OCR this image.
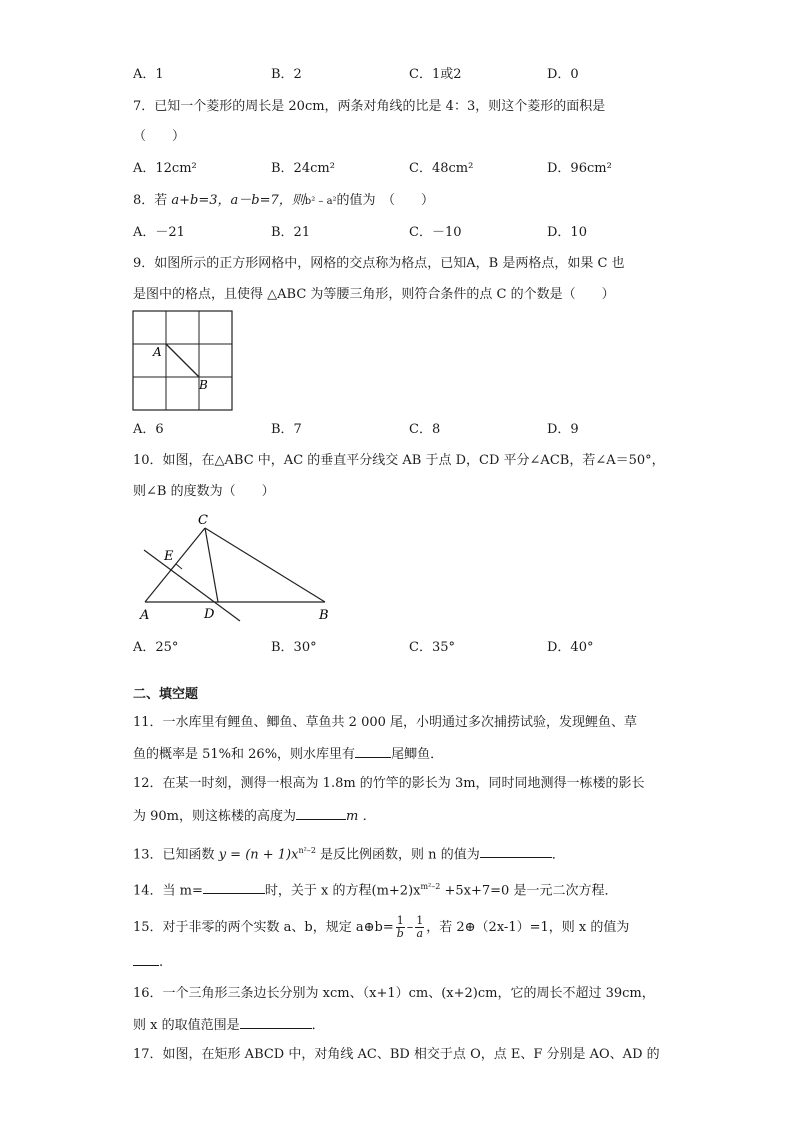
A．1	B．2	C．1或2	D．0
7．已知一个菱形的周长是 20cm，两条对角线的比是 4：3，则这个菱形的面积是
（　　）
A．12cm²	B．24cm²	C．48cm²	D．96cm²
8．若 a+b=3，a－b=7，则b² – a²的值为　（　　）
A．－21	B．21	C．－10	D．10
9．如图所示的正方形网格中，网格的交点称为格点，已知A，B 是两格点，如果 C 也
是图中的格点，且使得 △ABC 为等腰三角形，则符合条件的点 C 的个数是（　　）
A
B
A．6	B．7	C．8	D．9
10．如图，在△ABC 中，AC 的垂直平分线交 AB 于点 D，CD 平分∠ACB，若∠A＝50°，
则∠B 的度数为（　　）
C
E
A	D	B
A．25°	B．30°	C．35°	D．40°
二、填空题
11．一水库里有鲤鱼、鲫鱼、草鱼共 2 000 尾，小明通过多次捕捞试验，发现鲤鱼、草
鱼的概率是 51%和 26%，则水库里有	尾鲫鱼．
12．在某一时刻，测得一根高为 1.8m 的竹竿的影长为 3m，同时同地测得一栋楼的影长
为 90m，则这栋楼的高度为	m ．
13．已知函数 $y = (n + 1)x^{n^2-2}$ 是反比例函数，则 n 的值为	．
14．当 m=	时，关于 x 的方程$(m+2)x^{m^2-2} +5x+7=0$ 是一元二次方程．
15．对于非零的两个实数 a、b，规定 a⊕b= $\frac{1}{b} - \frac{1}{a}$ ，若 2⊕（2x-1）=1，则 x 的值为
.
16．一个三角形三条边长分别为 xcm、（x+1）cm、(x+2)cm，它的周长不超过 39cm，
则 x 的取值范围是	．
17．如图，在矩形 ABCD 中，对角线 AC、BD 相交于点 O，点 E、F 分别是 AO、AD 的
